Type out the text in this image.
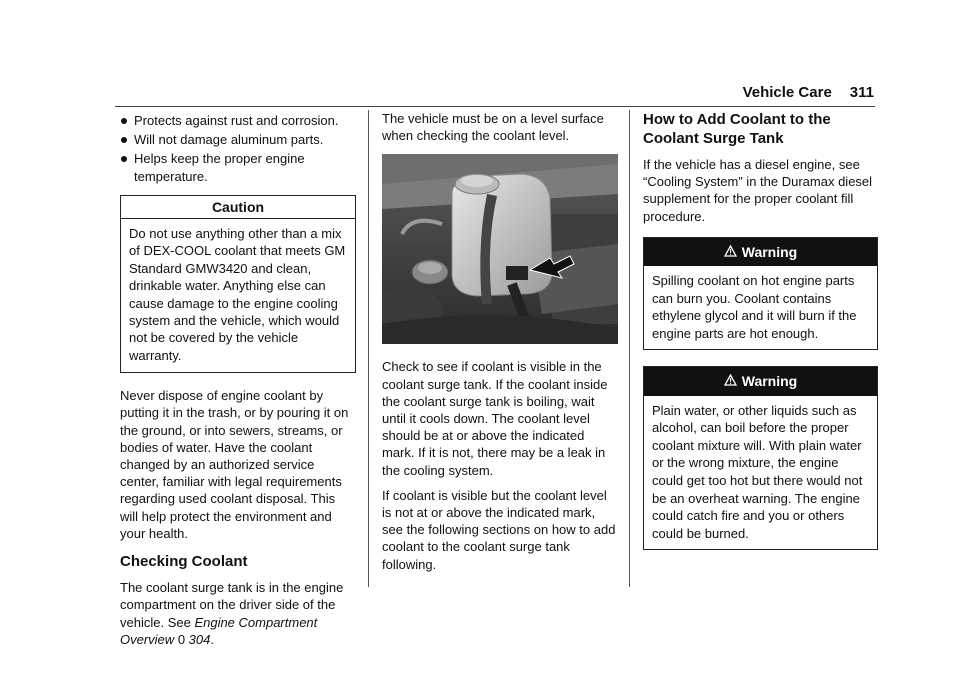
Vehicle Care 311
Protects against rust and corrosion.
Will not damage aluminum parts.
Helps keep the proper engine temperature.
Caution
Do not use anything other than a mix of DEX-COOL coolant that meets GM Standard GMW3420 and clean, drinkable water. Anything else can cause damage to the engine cooling system and the vehicle, which would not be covered by the vehicle warranty.

Never dispose of engine coolant by putting it in the trash, or by pouring it on the ground, or into sewers, streams, or bodies of water. Have the coolant changed by an authorized service center, familiar with legal requirements regarding used coolant disposal. This will help protect the environment and your health.

Checking Coolant

The coolant surge tank is in the engine compartment on the driver side of the vehicle. See Engine Compartment Overview 0 304.

The vehicle must be on a level surface when checking the coolant level.

Check to see if coolant is visible in the coolant surge tank. If the coolant inside the coolant surge tank is boiling, wait until it cools down. The coolant level should be at or above the indicated mark. If it is not, there may be a leak in the cooling system.

If coolant is visible but the coolant level is not at or above the indicated mark, see the following sections on how to add coolant to the coolant surge tank following.

How to Add Coolant to the Coolant Surge Tank

If the vehicle has a diesel engine, see “Cooling System” in the Duramax diesel supplement for the proper coolant fill procedure.

Warning
Spilling coolant on hot engine parts can burn you. Coolant contains ethylene glycol and it will burn if the engine parts are hot enough.
Warning
Plain water, or other liquids such as alcohol, can boil before the proper coolant mixture will. With plain water or the wrong mixture, the engine could get too hot but there would not be an overheat warning. The engine could catch fire and you or others could be burned.
